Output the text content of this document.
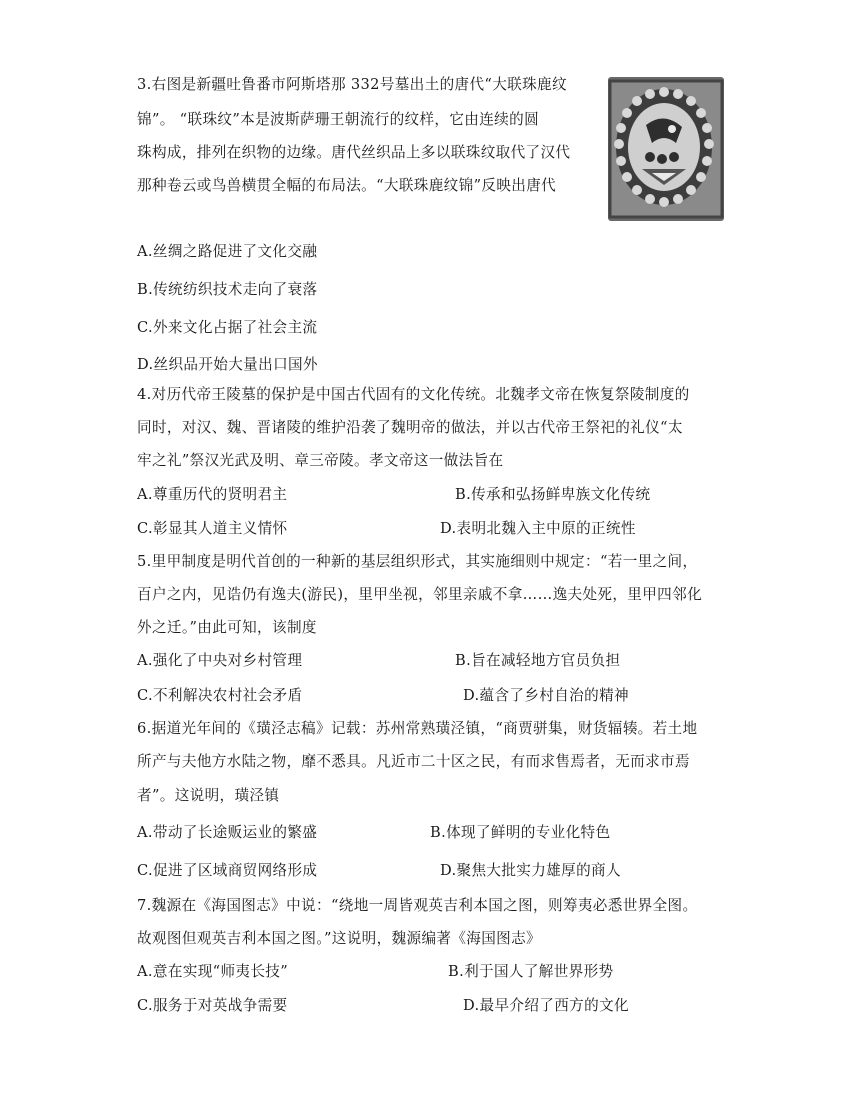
3.右图是新疆吐鲁番市阿斯塔那 332号墓出土的唐代“大联珠鹿纹
锦”。 “联珠纹”本是波斯萨珊王朝流行的纹样，它由连续的圆
珠构成，排列在织物的边缘。唐代丝织品上多以联珠纹取代了汉代
那种卷云或鸟兽横贯全幅的布局法。“大联珠鹿纹锦”反映出唐代
A.丝绸之路促进了文化交融
B.传统纺织技术走向了衰落
C.外来文化占据了社会主流
D.丝织品开始大量出口国外
4.对历代帝王陵墓的保护是中国古代固有的文化传统。北魏孝文帝在恢复祭陵制度的
同时，对汉、魏、晋诸陵的维护沿袭了魏明帝的做法，并以古代帝王祭祀的礼仪“太
牢之礼”祭汉光武及明、章三帝陵。孝文帝这一做法旨在
A.尊重历代的贤明君主	B.传承和弘扬鲜卑族文化传统
C.彰显其人道主义情怀	D.表明北魏入主中原的正统性
5.里甲制度是明代首创的一种新的基层组织形式，其实施细则中规定：“若一里之间，
百户之内，见诰仍有逸夫(游民)，里甲坐视，邻里亲戚不拿……逸夫处死，里甲四邻化
外之迁。”由此可知，该制度
A.强化了中央对乡村管理	B.旨在减轻地方官员负担
C.不利解决农村社会矛盾	D.蕴含了乡村自治的精神
6.据道光年间的《璜泾志稿》记载：苏州常熟璜泾镇，“商贾骈集，财货辐辏。若土地
所产与夫他方水陆之物，靡不悉具。凡近市二十区之民，有而求售焉者，无而求市焉
者”。这说明，璜泾镇
A.带动了长途贩运业的繁盛	B.体现了鲜明的专业化特色
C.促进了区域商贸网络形成	D.聚焦大批实力雄厚的商人
7.魏源在《海国图志》中说：“绕地一周皆观英吉利本国之图，则筹夷必悉世界全图。
故观图但观英吉利本国之图。”这说明，魏源编著《海国图志》
A.意在实现“师夷长技”	B.利于国人了解世界形势
C.服务于对英战争需要	D.最早介绍了西方的文化
